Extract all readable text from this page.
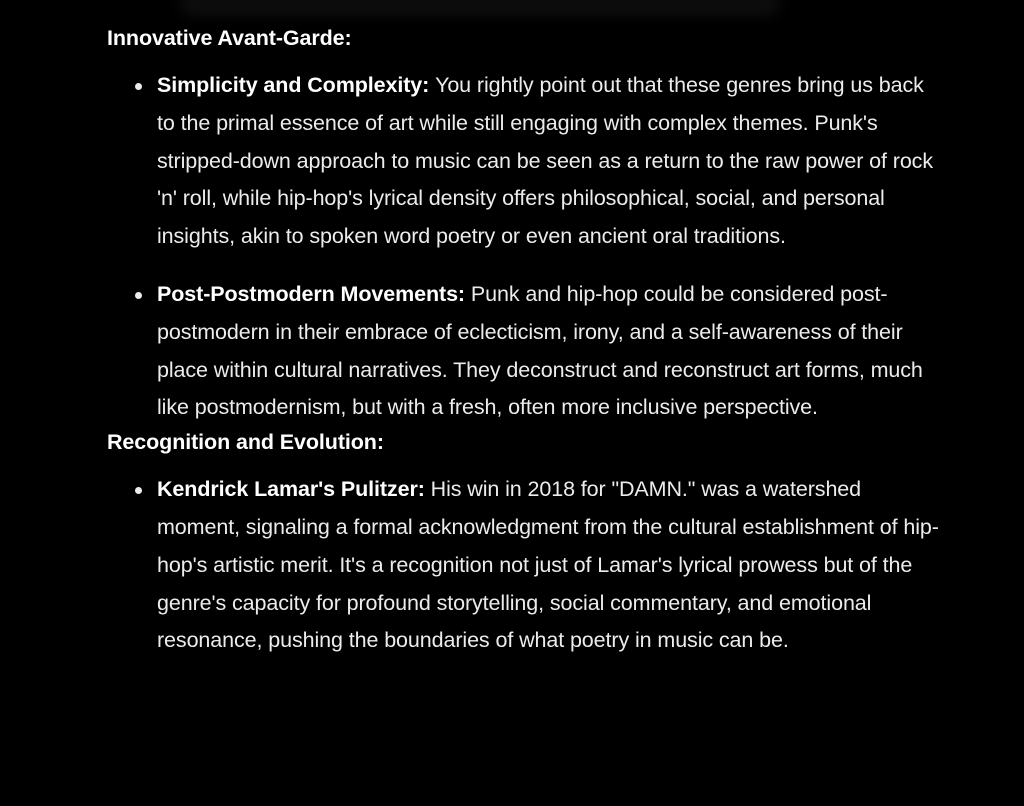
Innovative Avant-Garde:
Simplicity and Complexity: You rightly point out that these genres bring us back to the primal essence of art while still engaging with complex themes. Punk's stripped-down approach to music can be seen as a return to the raw power of rock 'n' roll, while hip-hop's lyrical density offers philosophical, social, and personal insights, akin to spoken word poetry or even ancient oral traditions.
Post-Postmodern Movements: Punk and hip-hop could be considered post-postmodern in their embrace of eclecticism, irony, and a self-awareness of their place within cultural narratives. They deconstruct and reconstruct art forms, much like postmodernism, but with a fresh, often more inclusive perspective.
Recognition and Evolution:
Kendrick Lamar's Pulitzer: His win in 2018 for "DAMN." was a watershed moment, signaling a formal acknowledgment from the cultural establishment of hip-hop's artistic merit. It's a recognition not just of Lamar's lyrical prowess but of the genre's capacity for profound storytelling, social commentary, and emotional resonance, pushing the boundaries of what poetry in music can be.
